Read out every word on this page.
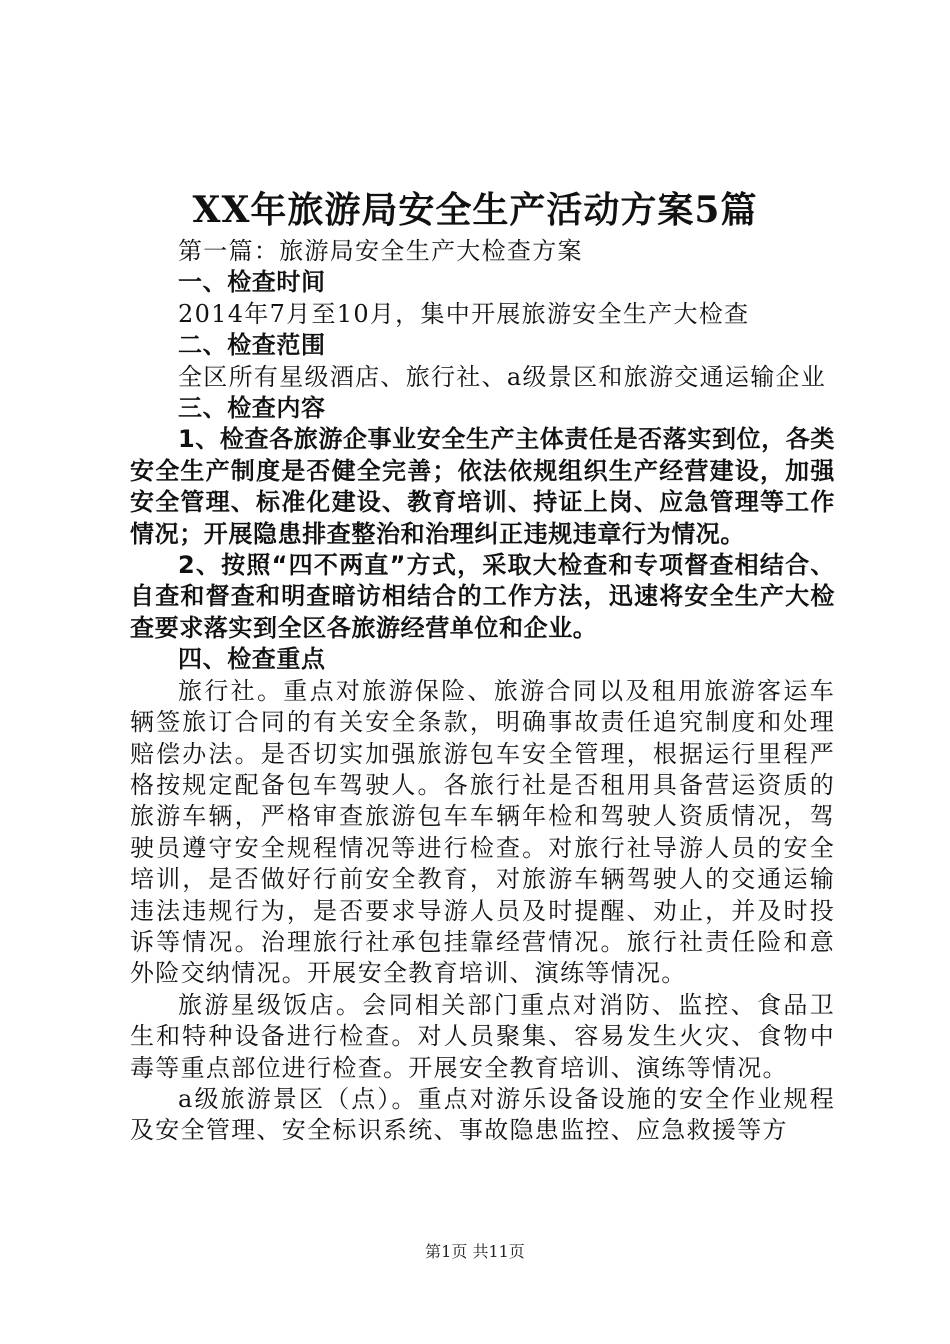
XX年旅游局安全生产活动方案5篇

第一篇：旅游局安全生产大检查方案

一、检查时间

2014年7月至10月，集中开展旅游安全生产大检查

二、检查范围

全区所有星级酒店、旅行社、a级景区和旅游交通运输企业

三、检查内容

1、检查各旅游企事业安全生产主体责任是否落实到位，各类安全生产制度是否健全完善；依法依规组织生产经营建设，加强安全管理、标准化建设、教育培训、持证上岗、应急管理等工作情况；开展隐患排查整治和治理纠正违规违章行为情况。

2、按照“四不两直”方式，采取大检查和专项督查相结合、自查和督查和明查暗访相结合的工作方法，迅速将安全生产大检查要求落实到全区各旅游经营单位和企业。

四、检查重点

旅行社。重点对旅游保险、旅游合同以及租用旅游客运车辆签旅订合同的有关安全条款，明确事故责任追究制度和处理赔偿办法。是否切实加强旅游包车安全管理，根据运行里程严格按规定配备包车驾驶人。各旅行社是否租用具备营运资质的旅游车辆，严格审查旅游包车车辆年检和驾驶人资质情况，驾驶员遵守安全规程情况等进行检查。对旅行社导游人员的安全培训，是否做好行前安全教育，对旅游车辆驾驶人的交通运输违法违规行为，是否要求导游人员及时提醒、劝止，并及时投诉等情况。治理旅行社承包挂靠经营情况。旅行社责任险和意外险交纳情况。开展安全教育培训、演练等情况。

旅游星级饭店。会同相关部门重点对消防、监控、食品卫生和特种设备进行检查。对人员聚集、容易发生火灾、食物中毒等重点部位进行检查。开展安全教育培训、演练等情况。

a级旅游景区（点）。重点对游乐设备设施的安全作业规程及安全管理、安全标识系统、事故隐患监控、应急救援等方

第1页 共11页
